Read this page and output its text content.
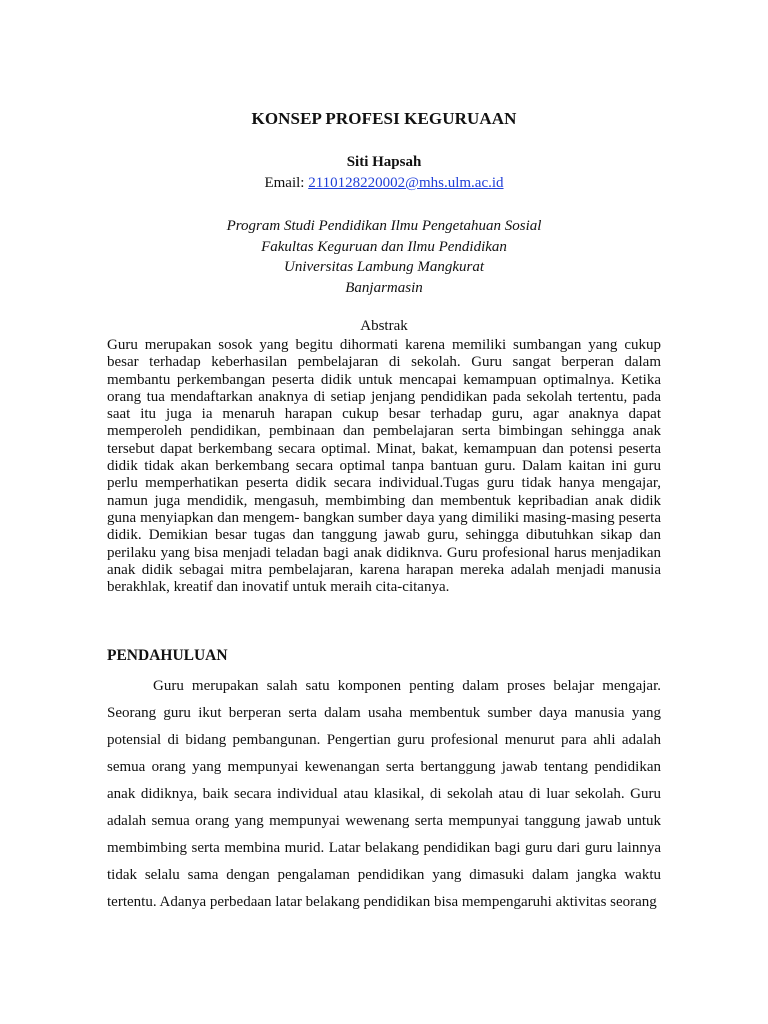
KONSEP PROFESI KEGURUAAN

Siti Hapsah

Email: 2110128220002@mhs.ulm.ac.id

Program Studi Pendidikan Ilmu Pengetahuan Sosial
Fakultas Keguruan dan Ilmu Pendidikan
Universitas Lambung Mangkurat
Banjarmasin

Abstrak

Guru merupakan sosok yang begitu dihormati karena memiliki sumbangan yang cukup besar terhadap keberhasilan pembelajaran di sekolah. Guru sangat berperan dalam membantu perkembangan peserta didik untuk mencapai kemampuan optimalnya. Ketika orang tua mendaftarkan anaknya di setiap jenjang pendidikan pada sekolah tertentu, pada saat itu juga ia menaruh harapan cukup besar terhadap guru, agar anaknya dapat memperoleh pendidikan, pembinaan dan pembelajaran serta bimbingan sehingga anak tersebut dapat berkembang secara optimal. Minat, bakat, kemampuan dan potensi peserta didik tidak akan berkembang secara optimal tanpa bantuan guru. Dalam kaitan ini guru perlu memperhatikan peserta didik secara individual.Tugas guru tidak hanya mengajar, namun juga mendidik, mengasuh, membimbing dan membentuk kepribadian anak didik guna menyiapkan dan mengem- bangkan sumber daya yang dimiliki masing-masing peserta didik. Demikian besar tugas dan tanggung jawab guru, sehingga dibutuhkan sikap dan perilaku yang bisa menjadi teladan bagi anak didiknva. Guru profesional harus menjadikan anak didik sebagai mitra pembelajaran, karena harapan mereka adalah menjadi manusia berakhlak, kreatif dan inovatif untuk meraih cita-citanya.

PENDAHULUAN

Guru merupakan salah satu komponen penting dalam proses belajar mengajar. Seorang guru ikut berperan serta dalam usaha membentuk sumber daya manusia yang potensial di bidang pembangunan. Pengertian guru profesional menurut para ahli adalah semua orang yang mempunyai kewenangan serta bertanggung jawab tentang pendidikan anak didiknya, baik secara individual atau klasikal, di sekolah atau di luar sekolah. Guru adalah semua orang yang mempunyai wewenang serta mempunyai tanggung jawab untuk membimbing serta membina murid. Latar belakang pendidikan bagi guru dari guru lainnya tidak selalu sama dengan pengalaman pendidikan yang dimasuki dalam jangka waktu tertentu. Adanya perbedaan latar belakang pendidikan bisa mempengaruhi aktivitas seorang
